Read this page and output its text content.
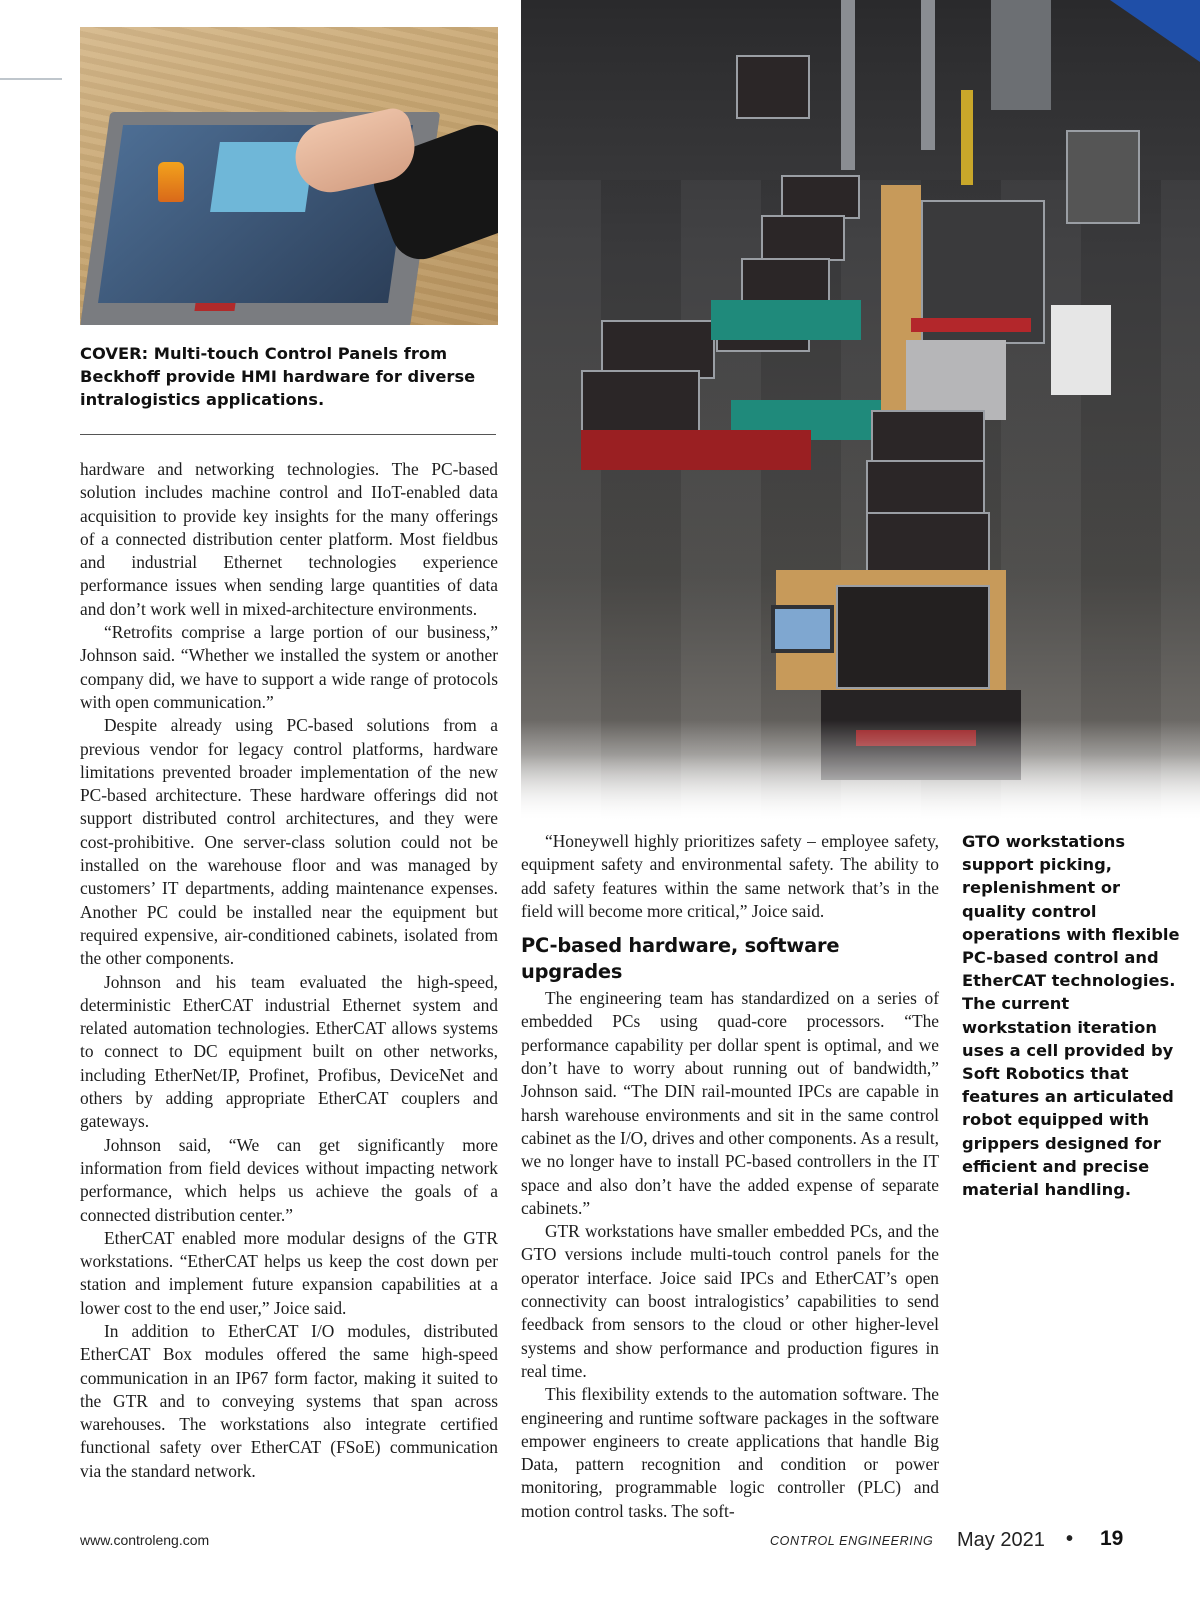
COVER: Multi-touch Control Panels from Beckhoff provide HMI hardware for diverse intralogistics applications.
GTO workstations support picking, replenishment or quality control operations with flexible PC-based control and EtherCAT technologies. The current workstation iteration uses a cell provided by Soft Robotics that features an articulated robot equipped with grippers designed for efficient and precise material handling.

hardware and networking technologies. The PC-based solution includes machine control and IIoT-enabled data acquisition to provide key insights for the many offerings of a connected distribution center platform. Most fieldbus and industrial Ethernet technologies experience performance issues when sending large quantities of data and don’t work well in mixed-architecture environments.

“Retrofits comprise a large portion of our business,” Johnson said. “Whether we installed the system or another company did, we have to support a wide range of protocols with open communication.”

Despite already using PC-based solutions from a previous vendor for legacy control platforms, hardware limitations prevented broader implementation of the new PC-based architecture. These hardware offerings did not support distributed control architectures, and they were cost-prohibitive. One server-class solution could not be installed on the warehouse floor and was managed by customers’ IT departments, adding maintenance expenses. Another PC could be installed near the equipment but required expensive, air-conditioned cabinets, isolated from the other components.

Johnson and his team evaluated the high-speed, deterministic EtherCAT industrial Ethernet system and related automation technologies. EtherCAT allows systems to connect to DC equipment built on other networks, including EtherNet/IP, Profinet, Profibus, DeviceNet and others by adding appropriate EtherCAT couplers and gateways.

Johnson said, “We can get significantly more information from field devices without impacting network performance, which helps us achieve the goals of a connected distribution center.”

EtherCAT enabled more modular designs of the GTR workstations. “EtherCAT helps us keep the cost down per station and implement future expansion capabilities at a lower cost to the end user,” Joice said.

In addition to EtherCAT I/O modules, distributed EtherCAT Box modules offered the same high-speed communication in an IP67 form factor, making it suited to the GTR and to conveying systems that span across warehouses. The workstations also integrate certified functional safety over EtherCAT (FSoE) communication via the standard network.

“Honeywell highly prioritizes safety – employee safety, equipment safety and environmental safety. The ability to add safety features within the same network that’s in the field will become more critical,” Joice said.

PC-based hardware, software upgrades

The engineering team has standardized on a series of embedded PCs using quad-core processors. “The performance capability per dollar spent is optimal, and we don’t have to worry about running out of bandwidth,” Johnson said. “The DIN rail-mounted IPCs are capable in harsh warehouse environments and sit in the same control cabinet as the I/O, drives and other components. As a result, we no longer have to install PC-based controllers in the IT space and also don’t have the added expense of separate cabinets.”

GTR workstations have smaller embedded PCs, and the GTO versions include multi-touch control panels for the operator interface. Joice said IPCs and EtherCAT’s open connectivity can boost intralogistics’ capabilities to send feedback from sensors to the cloud or other higher-level systems and show performance and production figures in real time.

This flexibility extends to the automation software. The engineering and runtime software packages in the software empower engineers to create applications that handle Big Data, pattern recognition and condition or power monitoring, programmable logic controller (PLC) and motion control tasks. The soft-

www.controleng.com	CONTROL ENGINEERING May 2021 • 19
